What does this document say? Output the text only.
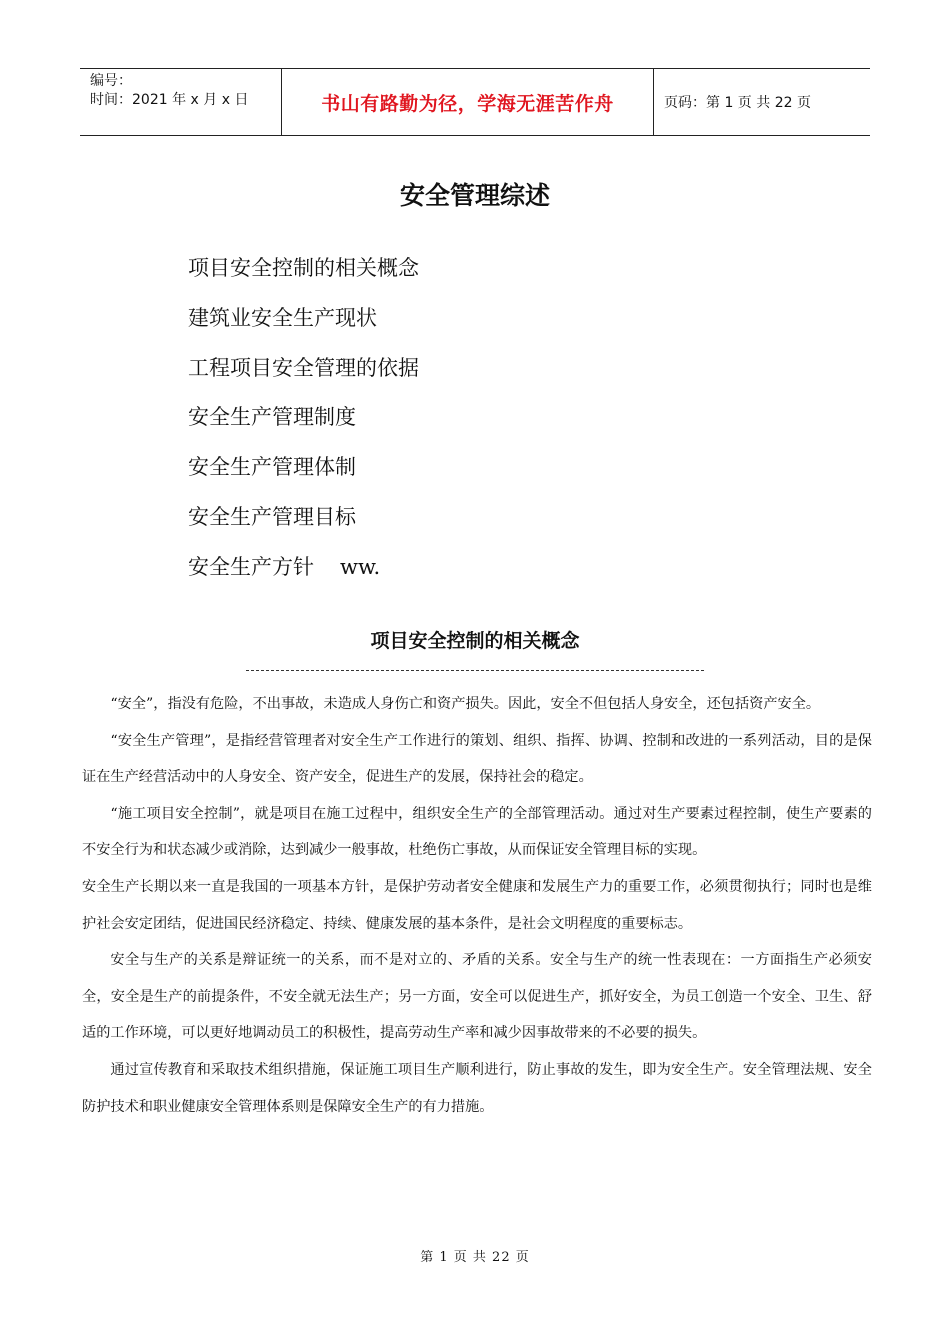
编号：
时间：2021 年 x 月 x 日	书山有路勤为径，学海无涯苦作舟	页码：第 1 页 共 22 页
安全管理综述
项目安全控制的相关概念
建筑业安全生产现状
工程项目安全管理的依据
安全生产管理制度
安全生产管理体制
安全生产管理目标
安全生产方针 ww.
项目安全控制的相关概念

“安全”，指没有危险，不出事故，未造成人身伤亡和资产损失。因此，安全不但包括人身安全，还包括资产安全。

“安全生产管理”，是指经营管理者对安全生产工作进行的策划、组织、指挥、协调、控制和改进的一系列活动，目的是保证在生产经营活动中的人身安全、资产安全，促进生产的发展，保持社会的稳定。

“施工项目安全控制”，就是项目在施工过程中，组织安全生产的全部管理活动。通过对生产要素过程控制，使生产要素的不安全行为和状态减少或消除，达到减少一般事故，杜绝伤亡事故，从而保证安全管理目标的实现。

安全生产长期以来一直是我国的一项基本方针，是保护劳动者安全健康和发展生产力的重要工作，必须贯彻执行；同时也是维护社会安定团结，促进国民经济稳定、持续、健康发展的基本条件，是社会文明程度的重要标志。

安全与生产的关系是辩证统一的关系，而不是对立的、矛盾的关系。安全与生产的统一性表现在：一方面指生产必须安全，安全是生产的前提条件，不安全就无法生产；另一方面，安全可以促进生产，抓好安全，为员工创造一个安全、卫生、舒适的工作环境，可以更好地调动员工的积极性，提高劳动生产率和减少因事故带来的不必要的损失。

通过宣传教育和采取技术组织措施，保证施工项目生产顺利进行，防止事故的发生，即为安全生产。安全管理法规、安全防护技术和职业健康安全管理体系则是保障安全生产的有力措施。

第 1 页 共 22 页
